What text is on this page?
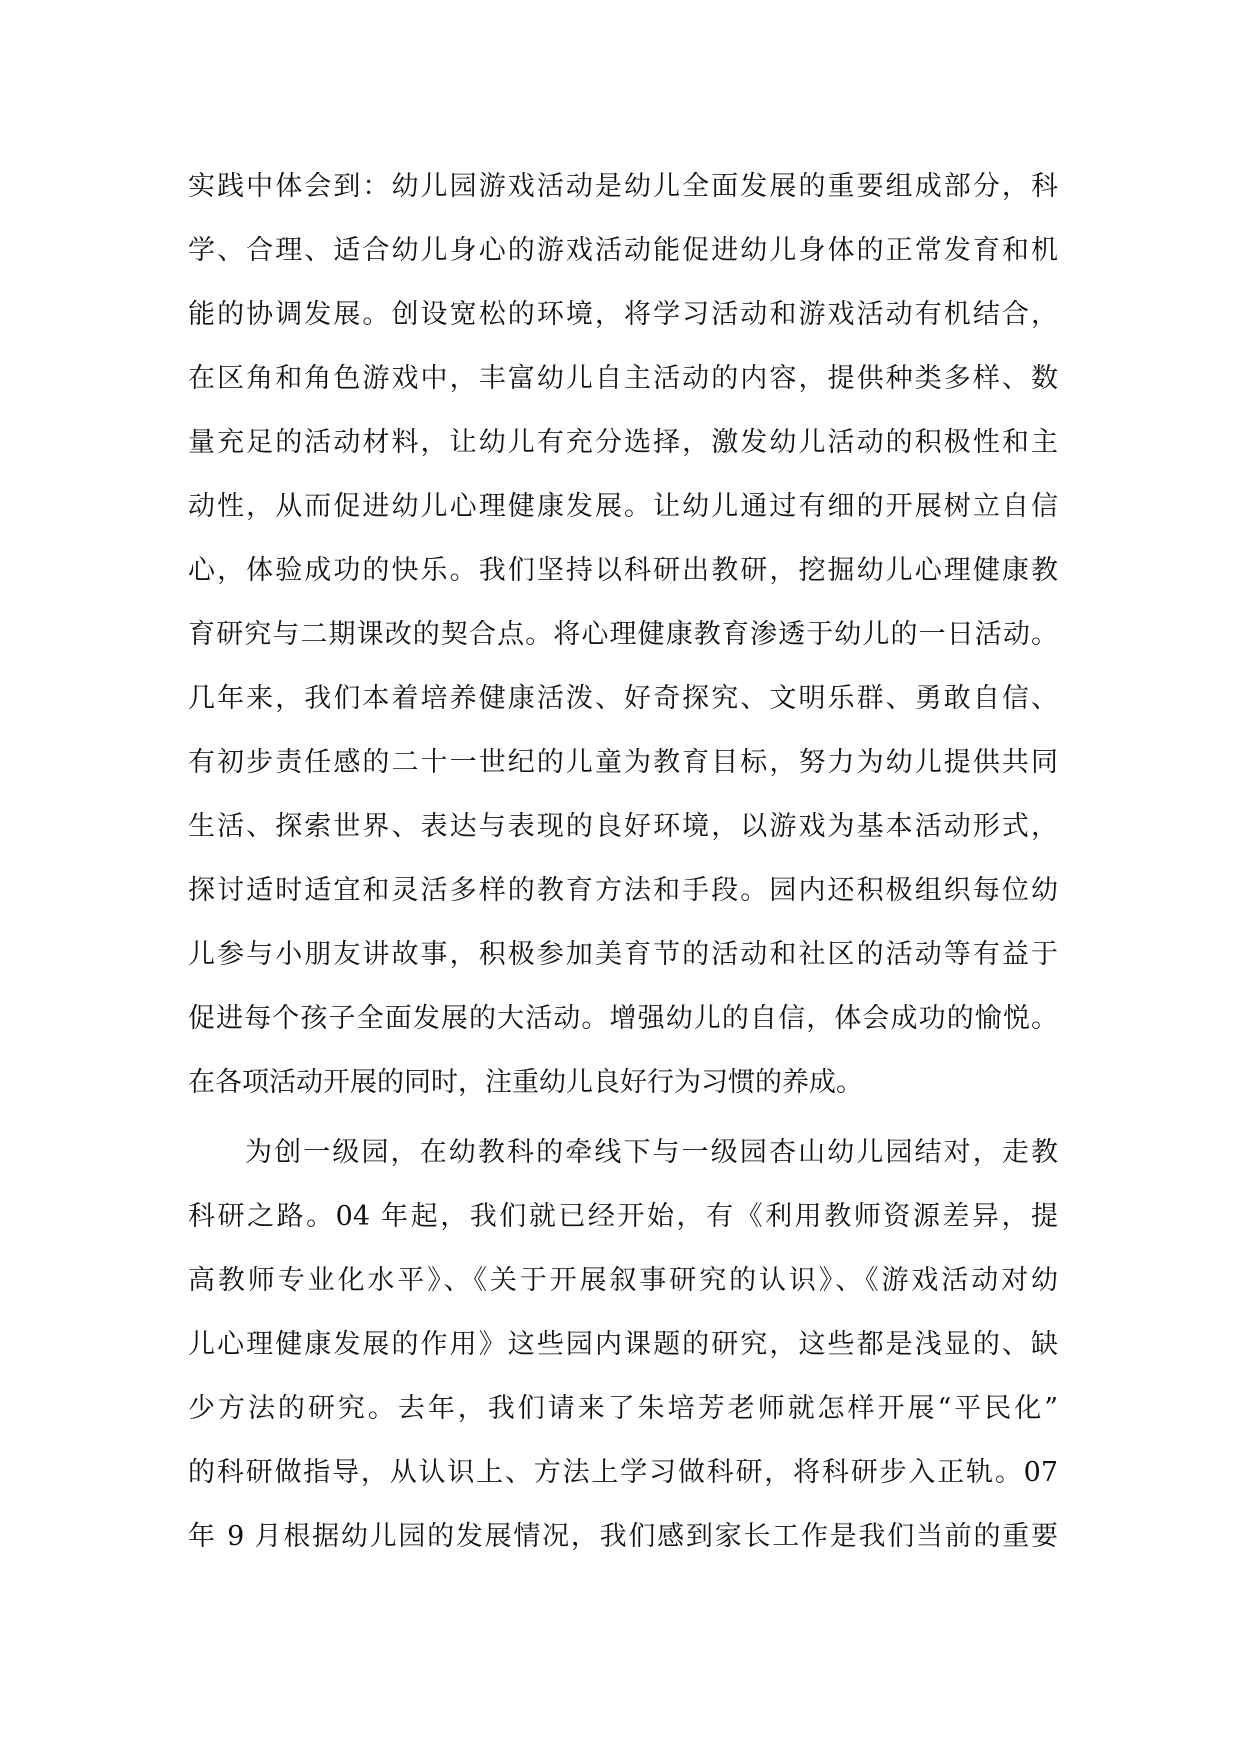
实践中体会到：幼儿园游戏活动是幼儿全面发展的重要组成部分，科
学、合理、适合幼儿身心的游戏活动能促进幼儿身体的正常发育和机
能的协调发展。创设宽松的环境，将学习活动和游戏活动有机结合，
在区角和角色游戏中，丰富幼儿自主活动的内容，提供种类多样、数
量充足的活动材料，让幼儿有充分选择，激发幼儿活动的积极性和主
动性，从而促进幼儿心理健康发展。让幼儿通过有细的开展树立自信
心，体验成功的快乐。我们坚持以科研出教研，挖掘幼儿心理健康教
育研究与二期课改的契合点。将心理健康教育渗透于幼儿的一日活动。
几年来，我们本着培养健康活泼、好奇探究、文明乐群、勇敢自信、
有初步责任感的二十一世纪的儿童为教育目标，努力为幼儿提供共同
生活、探索世界、表达与表现的良好环境，以游戏为基本活动形式，
探讨适时适宜和灵活多样的教育方法和手段。园内还积极组织每位幼
儿参与小朋友讲故事，积极参加美育节的活动和社区的活动等有益于
促进每个孩子全面发展的大活动。增强幼儿的自信，体会成功的愉悦。
在各项活动开展的同时，注重幼儿良好行为习惯的养成。
为创一级园，在幼教科的牵线下与一级园杏山幼儿园结对，走教
科研之路。04 年起，我们就已经开始，有《利用教师资源差异，提
高教师专业化水平》、《关于开展叙事研究的认识》、《游戏活动对幼
儿心理健康发展的作用》这些园内课题的研究，这些都是浅显的、缺
少方法的研究。去年，我们请来了朱培芳老师就怎样开展“平民化”
的科研做指导，从认识上、方法上学习做科研，将科研步入正轨。07
年 9 月根据幼儿园的发展情况，我们感到家长工作是我们当前的重要
